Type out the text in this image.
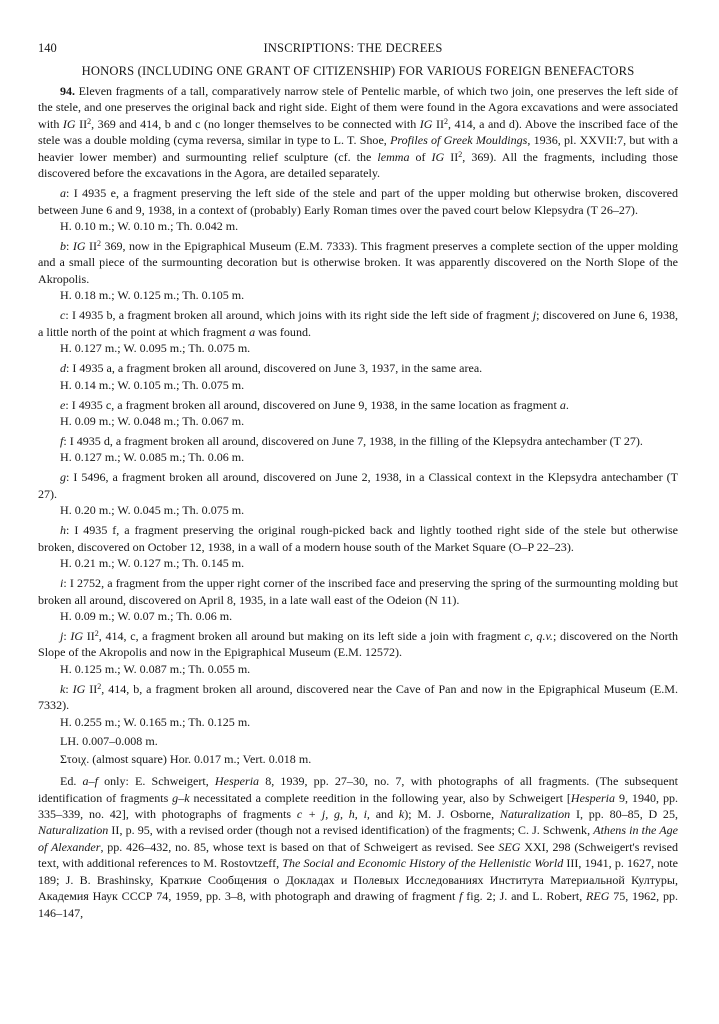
140	INSCRIPTIONS: THE DECREES
HONORS (INCLUDING ONE GRANT OF CITIZENSHIP) FOR VARIOUS FOREIGN BENEFACTORS

94. Eleven fragments of a tall, comparatively narrow stele of Pentelic marble, of which two join, one preserves the left side of the stele, and one preserves the original back and right side. Eight of them were found in the Agora excavations and were associated with IG $II^2$, 369 and 414, b and c (no longer themselves to be connected with IG $II^2$, 414, a and d). Above the inscribed face of the stele was a double molding (cyma reversa, similar in type to L. T. Shoe, Profiles of Greek Mouldings, 1936, pl. XXVII:7, but with a heavier lower member) and surmounting relief sculpture (cf. the lemma of IG $II^2$, 369). All the fragments, including those discovered before the excavations in the Agora, are detailed separately.

a: I 4935 e, a fragment preserving the left side of the stele and part of the upper molding but otherwise broken, discovered between June 6 and 9, 1938, in a context of (probably) Early Roman times over the paved court below Klepsydra (T 26–27).

H. 0.10 m.; W. 0.10 m.; Th. 0.042 m.

b: IG $II^2$ 369, now in the Epigraphical Museum (E.M. 7333). This fragment preserves a complete section of the upper molding and a small piece of the surmounting decoration but is otherwise broken. It was apparently discovered on the North Slope of the Akropolis.

H. 0.18 m.; W. 0.125 m.; Th. 0.105 m.

c: I 4935 b, a fragment broken all around, which joins with its right side the left side of fragment j; discovered on June 6, 1938, a little north of the point at which fragment a was found.

H. 0.127 m.; W. 0.095 m.; Th. 0.075 m.

d: I 4935 a, a fragment broken all around, discovered on June 3, 1937, in the same area.

H. 0.14 m.; W. 0.105 m.; Th. 0.075 m.

e: I 4935 c, a fragment broken all around, discovered on June 9, 1938, in the same location as fragment a.

H. 0.09 m.; W. 0.048 m.; Th. 0.067 m.

f: I 4935 d, a fragment broken all around, discovered on June 7, 1938, in the filling of the Klepsydra antechamber (T 27).

H. 0.127 m.; W. 0.085 m.; Th. 0.06 m.

g: I 5496, a fragment broken all around, discovered on June 2, 1938, in a Classical context in the Klepsydra antechamber (T 27).

H. 0.20 m.; W. 0.045 m.; Th. 0.075 m.

h: I 4935 f, a fragment preserving the original rough-picked back and lightly toothed right side of the stele but otherwise broken, discovered on October 12, 1938, in a wall of a modern house south of the Market Square (O–P 22–23).

H. 0.21 m.; W. 0.127 m.; Th. 0.145 m.

i: I 2752, a fragment from the upper right corner of the inscribed face and preserving the spring of the surmounting molding but broken all around, discovered on April 8, 1935, in a late wall east of the Odeion (N 11).

H. 0.09 m.; W. 0.07 m.; Th. 0.06 m.

j: IG $II^2$, 414, c, a fragment broken all around but making on its left side a join with fragment c, q.v.; discovered on the North Slope of the Akropolis and now in the Epigraphical Museum (E.M. 12572).

H. 0.125 m.; W. 0.087 m.; Th. 0.055 m.

k: IG $II^2$, 414, b, a fragment broken all around, discovered near the Cave of Pan and now in the Epigraphical Museum (E.M. 7332).

H. 0.255 m.; W. 0.165 m.; Th. 0.125 m.

LH. 0.007–0.008 m.

Στοιχ. (almost square) Hor. 0.017 m.; Vert. 0.018 m.

Ed. a–f only: E. Schweigert, Hesperia 8, 1939, pp. 27–30, no. 7, with photographs of all fragments. (The subsequent identification of fragments g–k necessitated a complete reedition in the following year, also by Schweigert [Hesperia 9, 1940, pp. 335–339, no. 42], with photographs of fragments c + j, g, h, i, and k); M. J. Osborne, Naturalization I, pp. 80–85, D 25, Naturalization II, p. 95, with a revised order (though not a revised identification) of the fragments; C. J. Schwenk, Athens in the Age of Alexander, pp. 426–432, no. 85, whose text is based on that of Schweigert as revised. See SEG XXI, 298 (Schweigert's revised text, with additional references to M. Rostovtzeff, The Social and Economic History of the Hellenistic World III, 1941, p. 1627, note 189; J. B. Brashinsky, Краткие Сообщения о Докладах и Полевых Исследованиях Института Материальной Културы, Академия Наук СССР 74, 1959, pp. 3–8, with photograph and drawing of fragment f fig. 2; J. and L. Robert, REG 75, 1962, pp. 146–147,
